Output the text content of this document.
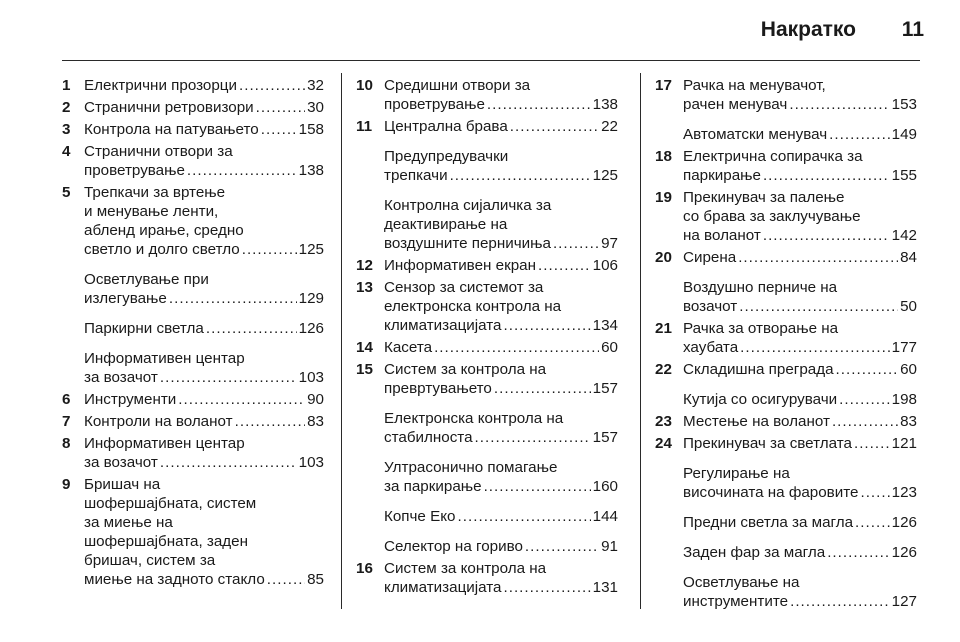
Накратко 11
1 Електрични прозорци . . .	32
2 Странични ретровизори . . .	30
3 Контрола на патувањето . . .	158
4 Странични отвори за
проветрување . . .	138
5 Трепкачи за вртење
и менување ленти,
абленд ирање, средно
светло и долго светло . . .	125
Осветлување при
излегување . . .	129
Паркирни светла . . .	126
Информативен центар
за возачот . . .	103
6 Инструменти . . .	90
7 Контроли на воланот . . .	83
8 Информативен центар
за возачот . . .	103
9 Бришач на
шофершајбната, систем
за миење на
шофершајбната, заден
бришач, систем за
миење на задното стакло . . .	85
10 Средишни отвори за
проветрување . . .	138
11 Централна брава . . .	22
Предупредувачки
трепкачи . . .	125
Контролна сијаличка за
деактивирање на
воздушните перничиња . . .	97
12 Информативен екран . . .	106
13 Сензор за системот за
електронска контрола на
климатизацијата . . .	134
14 Касета . . .	60
15 Систем за контрола на
превртувањето . . .	157
Електронска контрола на
стабилноста . . .	157
Ултрасонично помагање
за паркирање . . .	160
Копче Еко . . .	144
Селектор на гориво . . .	91
16 Систем за контрола на
климатизацијата . . .	131
17 Рачка на менувачот,
рачен менувач . . .	153
Автоматски менувач . . .	149
18 Електрична сопирачка за
паркирање . . .	155
19 Прекинувач за палење
со брава за заклучување
на воланот . . .	142
20 Сирена . . .	84
Воздушно перниче на
возачот . . .	50
21 Рачка за отворање на
хаубата . . .	177
22 Складишна преграда . . .	60
Кутија со осигурувачи . . .	198
23 Местење на воланот . . .	83
24 Прекинувач за светлата . . .	121
Регулирање на
височината на фаровите . . . 123
Предни светла за магла . . .	126
Заден фар за магла . . .	126
Осветлување на
инструментите . . .	127
